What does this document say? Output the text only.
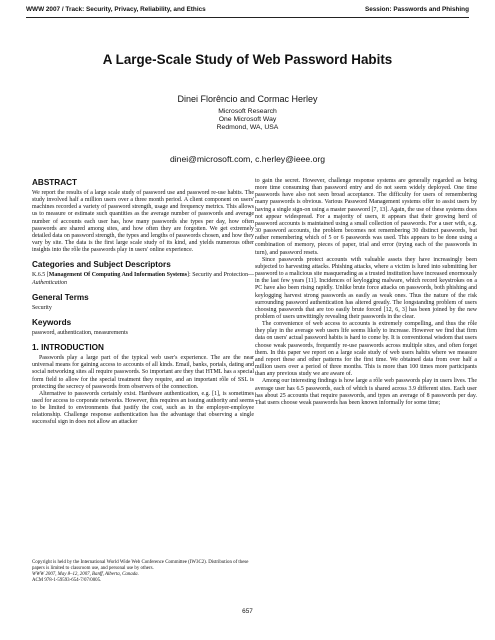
WWW 2007 / Track: Security, Privacy, Reliability, and Ethics	Session: Passwords and Phishing
A Large-Scale Study of Web Password Habits
Dinei Florêncio and Cormac Herley
Microsoft Research
One Microsoft Way
Redmond, WA, USA
dinei@microsoft.com, c.herley@ieee.org
ABSTRACT

We report the results of a large scale study of password use and password re-use habits. The study involved half a million users over a three month period. A client component on users' machines recorded a variety of password strength, usage and frequency metrics. This allows us to measure or estimate such quantities as the average number of passwords and average number of accounts each user has, how many passwords she types per day, how often passwords are shared among sites, and how often they are forgotten. We get extremely detailed data on password strength, the types and lengths of passwords chosen, and how they vary by site. The data is the first large scale study of its kind, and yields numerous other insights into the rôle the passwords play in users' online experience.

Categories and Subject Descriptors
K.6.5 [Management Of Computing And Information Systems]: Security and Protection—Authentication
General Terms

Security

Keywords

password, authentication, measurements

1. INTRODUCTION

Passwords play a large part of the typical web user's experience. The are the near universal means for gaining access to accounts of all kinds. Email, banks, portals, dating and social networking sites all require passwords. So important are they that HTML has a special form field to allow for the special treatment they require, and an important rôle of SSL is protecting the secrecy of passwords from observers of the connection.

Alternative to passwords certainly exist. Hardware authentication, e.g. [1], is sometimes used for access to corporate networks. However, this requires an issuing authority and seems to be limited to environments that justify the cost, such as in the employer-employee relationship. Challenge response authentication has the advantage that observing a single successful sign in does not allow an attacker

Copyright is held by the International World Wide Web Conference Committee (IW3C2). Distribution of these papers is limited to classroom use, and personal use by others.
WWW 2007, May 8–12, 2007, Banff, Alberta, Canada.
ACM 978-1-59593-654-7/07/0005.

to gain the secret. However, challenge response systems are generally regarded as being more time consuming than password entry and do not seem widely deployed. One time passwords have also not seen broad acceptance. The difficulty for users of remembering many passwords is obvious. Various Password Management systems offer to assist users by having a single sign-on using a master password [7, 13]. Again, the use of these systems does not appear widespread. For a majority of users, it appears that their growing herd of password accounts is maintained using a small collection of passwords. For a user with, e.g. 30 password accounts, the problem becomes not remembering 30 distinct passwords, but rather remembering which of 5 or 6 passwords was used. This appears to be done using a combination of memory, pieces of paper, trial and error (trying each of the passwords in turn), and password resets.

Since passwords protect accounts with valuable assets they have increasingly been subjected to harvesting attacks. Phishing attacks, where a victim is lured into submitting her password to a malicious site masquerading as a trusted institution have increased enormously in the last few years [11]. Incidences of keylogging malware, which record keystrokes on a PC have also been rising rapidly. Unlike brute force attacks on passwords, both phishing and keylogging harvest strong passwords as easily as weak ones. Thus the nature of the risk surrounding password authentication has altered greatly. The longstanding problem of users choosing passwords that are too easily brute forced [12, 6, 3] has been joined by the new problem of users unwittingly revealing their passwords in the clear.

The convenience of web access to accounts is extremely compelling, and thus the rôle they play in the average web users life seems likely to increase. However we find that firm data on users' actual password habits is hard to come by. It is conventional wisdom that users choose weak passwords, frequently re-use passwords across multiple sites, and often forget them. In this paper we report on a large scale study of web users habits where we measure and report these and other patterns for the first time. We obtained data from over half a million users over a period of three months. This is more than 100 times more participants than any previous study we are aware of.

Among our interesting findings is how large a rôle web passwords play in users lives. The average user has 6.5 passwords, each of which is shared across 3.9 different sites. Each user has about 25 accounts that require passwords, and types an average of 8 passwords per day. That users choose weak passwords has been known informally for some time;

657
